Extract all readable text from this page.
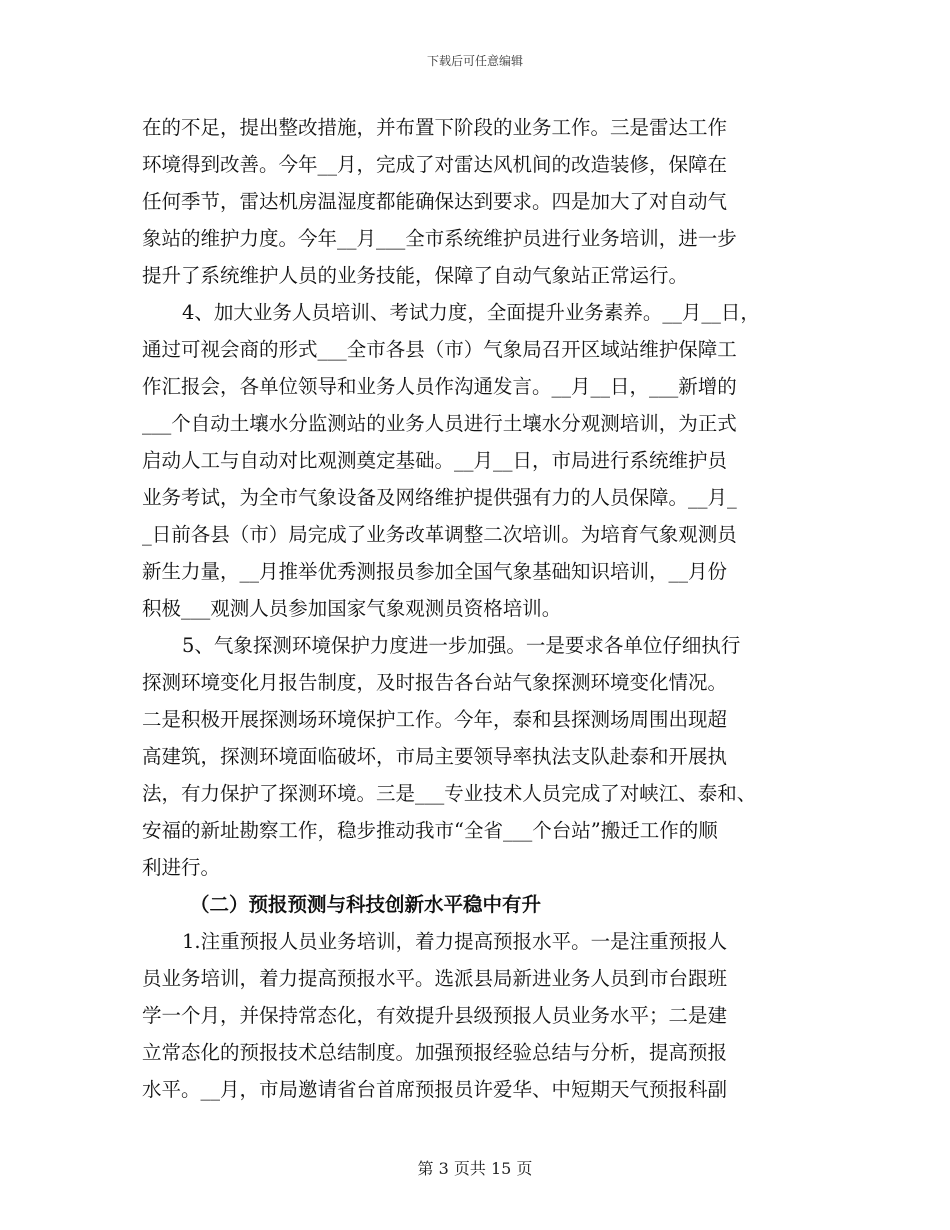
下载后可任意编辑
在的不足，提出整改措施，并布置下阶段的业务工作。三是雷达工作
环境得到改善。今年__月，完成了对雷达风机间的改造装修，保障在
任何季节，雷达机房温湿度都能确保达到要求。四是加大了对自动气
象站的维护力度。今年__月___全市系统维护员进行业务培训，进一步
提升了系统维护人员的业务技能，保障了自动气象站正常运行。
4、加大业务人员培训、考试力度，全面提升业务素养。__月__日，
通过可视会商的形式___全市各县（市）气象局召开区域站维护保障工
作汇报会，各单位领导和业务人员作沟通发言。__月__日，___新增的
___个自动土壤水分监测站的业务人员进行土壤水分观测培训，为正式
启动人工与自动对比观测奠定基础。__月__日，市局进行系统维护员
业务考试，为全市气象设备及网络维护提供强有力的人员保障。__月_
_日前各县（市）局完成了业务改革调整二次培训。为培育气象观测员
新生力量，__月推举优秀测报员参加全国气象基础知识培训，__月份
积极___观测人员参加国家气象观测员资格培训。
5、气象探测环境保护力度进一步加强。一是要求各单位仔细执行
探测环境变化月报告制度，及时报告各台站气象探测环境变化情况。
二是积极开展探测场环境保护工作。今年，泰和县探测场周围出现超
高建筑，探测环境面临破坏，市局主要领导率执法支队赴泰和开展执
法，有力保护了探测环境。三是___专业技术人员完成了对峡江、泰和、
安福的新址勘察工作，稳步推动我市“全省___个台站”搬迁工作的顺
利进行。
（二）预报预测与科技创新水平稳中有升
1.注重预报人员业务培训，着力提高预报水平。一是注重预报人
员业务培训，着力提高预报水平。选派县局新进业务人员到市台跟班
学一个月，并保持常态化，有效提升县级预报人员业务水平；二是建
立常态化的预报技术总结制度。加强预报经验总结与分析，提高预报
水平。__月，市局邀请省台首席预报员许爱华、中短期天气预报科副
第 3 页共 15 页
